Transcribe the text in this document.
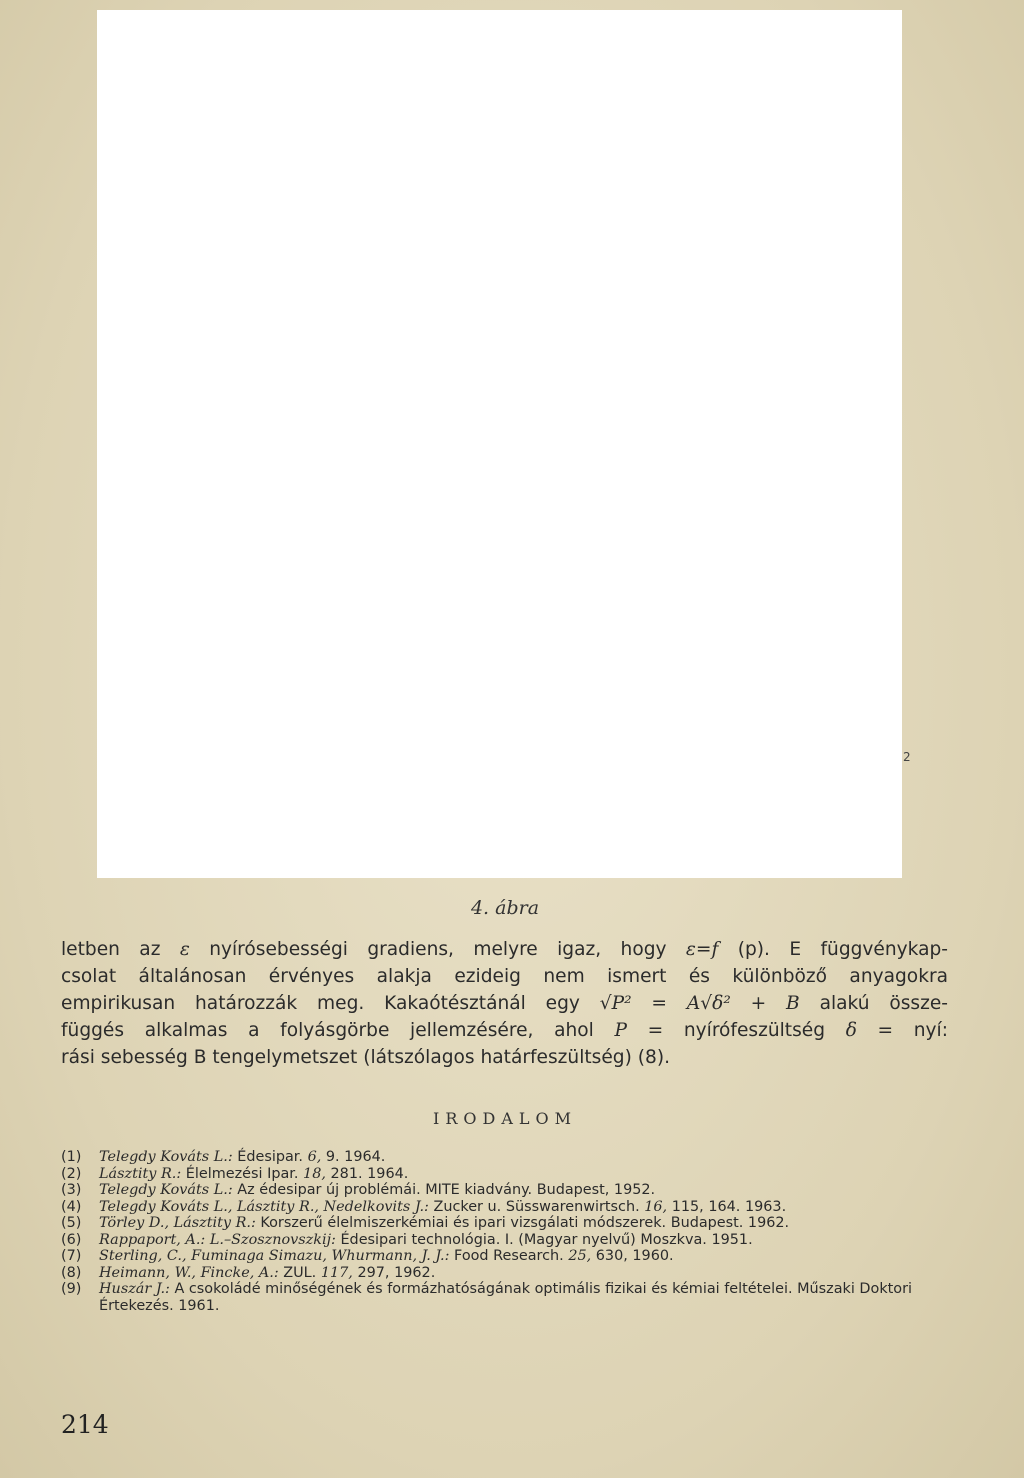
2
4. ábra
letben az ε nyírósebességi gradiens, melyre igaz, hogy ε=f (p). E függvénykap-
csolat általánosan érvényes alakja ezideig nem ismert és különböző anyagokra
empirikusan határozzák meg. Kakaótésztánál egy √P² = A√δ² + B alakú össze-
függés alkalmas a folyásgörbe jellemzésére, ahol P = nyírófeszültség δ = nyí:
rási sebesség B tengelymetszet (látszólagos határfeszültség) (8).
IRODALOM
(1) Telegdy Kováts L.: Édesipar. 6, 9. 1964.
(2) Lásztity R.: Élelmezési Ipar. 18, 281. 1964.
(3) Telegdy Kováts L.: Az édesipar új problémái. MITE kiadvány. Budapest, 1952.
(4) Telegdy Kováts L., Lásztity R., Nedelkovits J.: Zucker u. Süsswarenwirtsch. 16, 115, 164. 1963.
(5) Törley D., Lásztity R.: Korszerű élelmiszerkémiai és ipari vizsgálati módszerek. Budapest. 1962.
(6) Rappaport, A.: L.–Szosznovszkij: Édesipari technológia. I. (Magyar nyelvű) Moszkva. 1951.
(7) Sterling, C., Fuminaga Simazu, Whurmann, J. J.: Food Research. 25, 630, 1960.
(8) Heimann, W., Fincke, A.: ZUL. 117, 297, 1962.
(9) Huszár J.: A csokoládé minőségének és formázhatóságának optimális fizikai és kémiai feltételei. Műszaki Doktori Értekezés. 1961.
214
